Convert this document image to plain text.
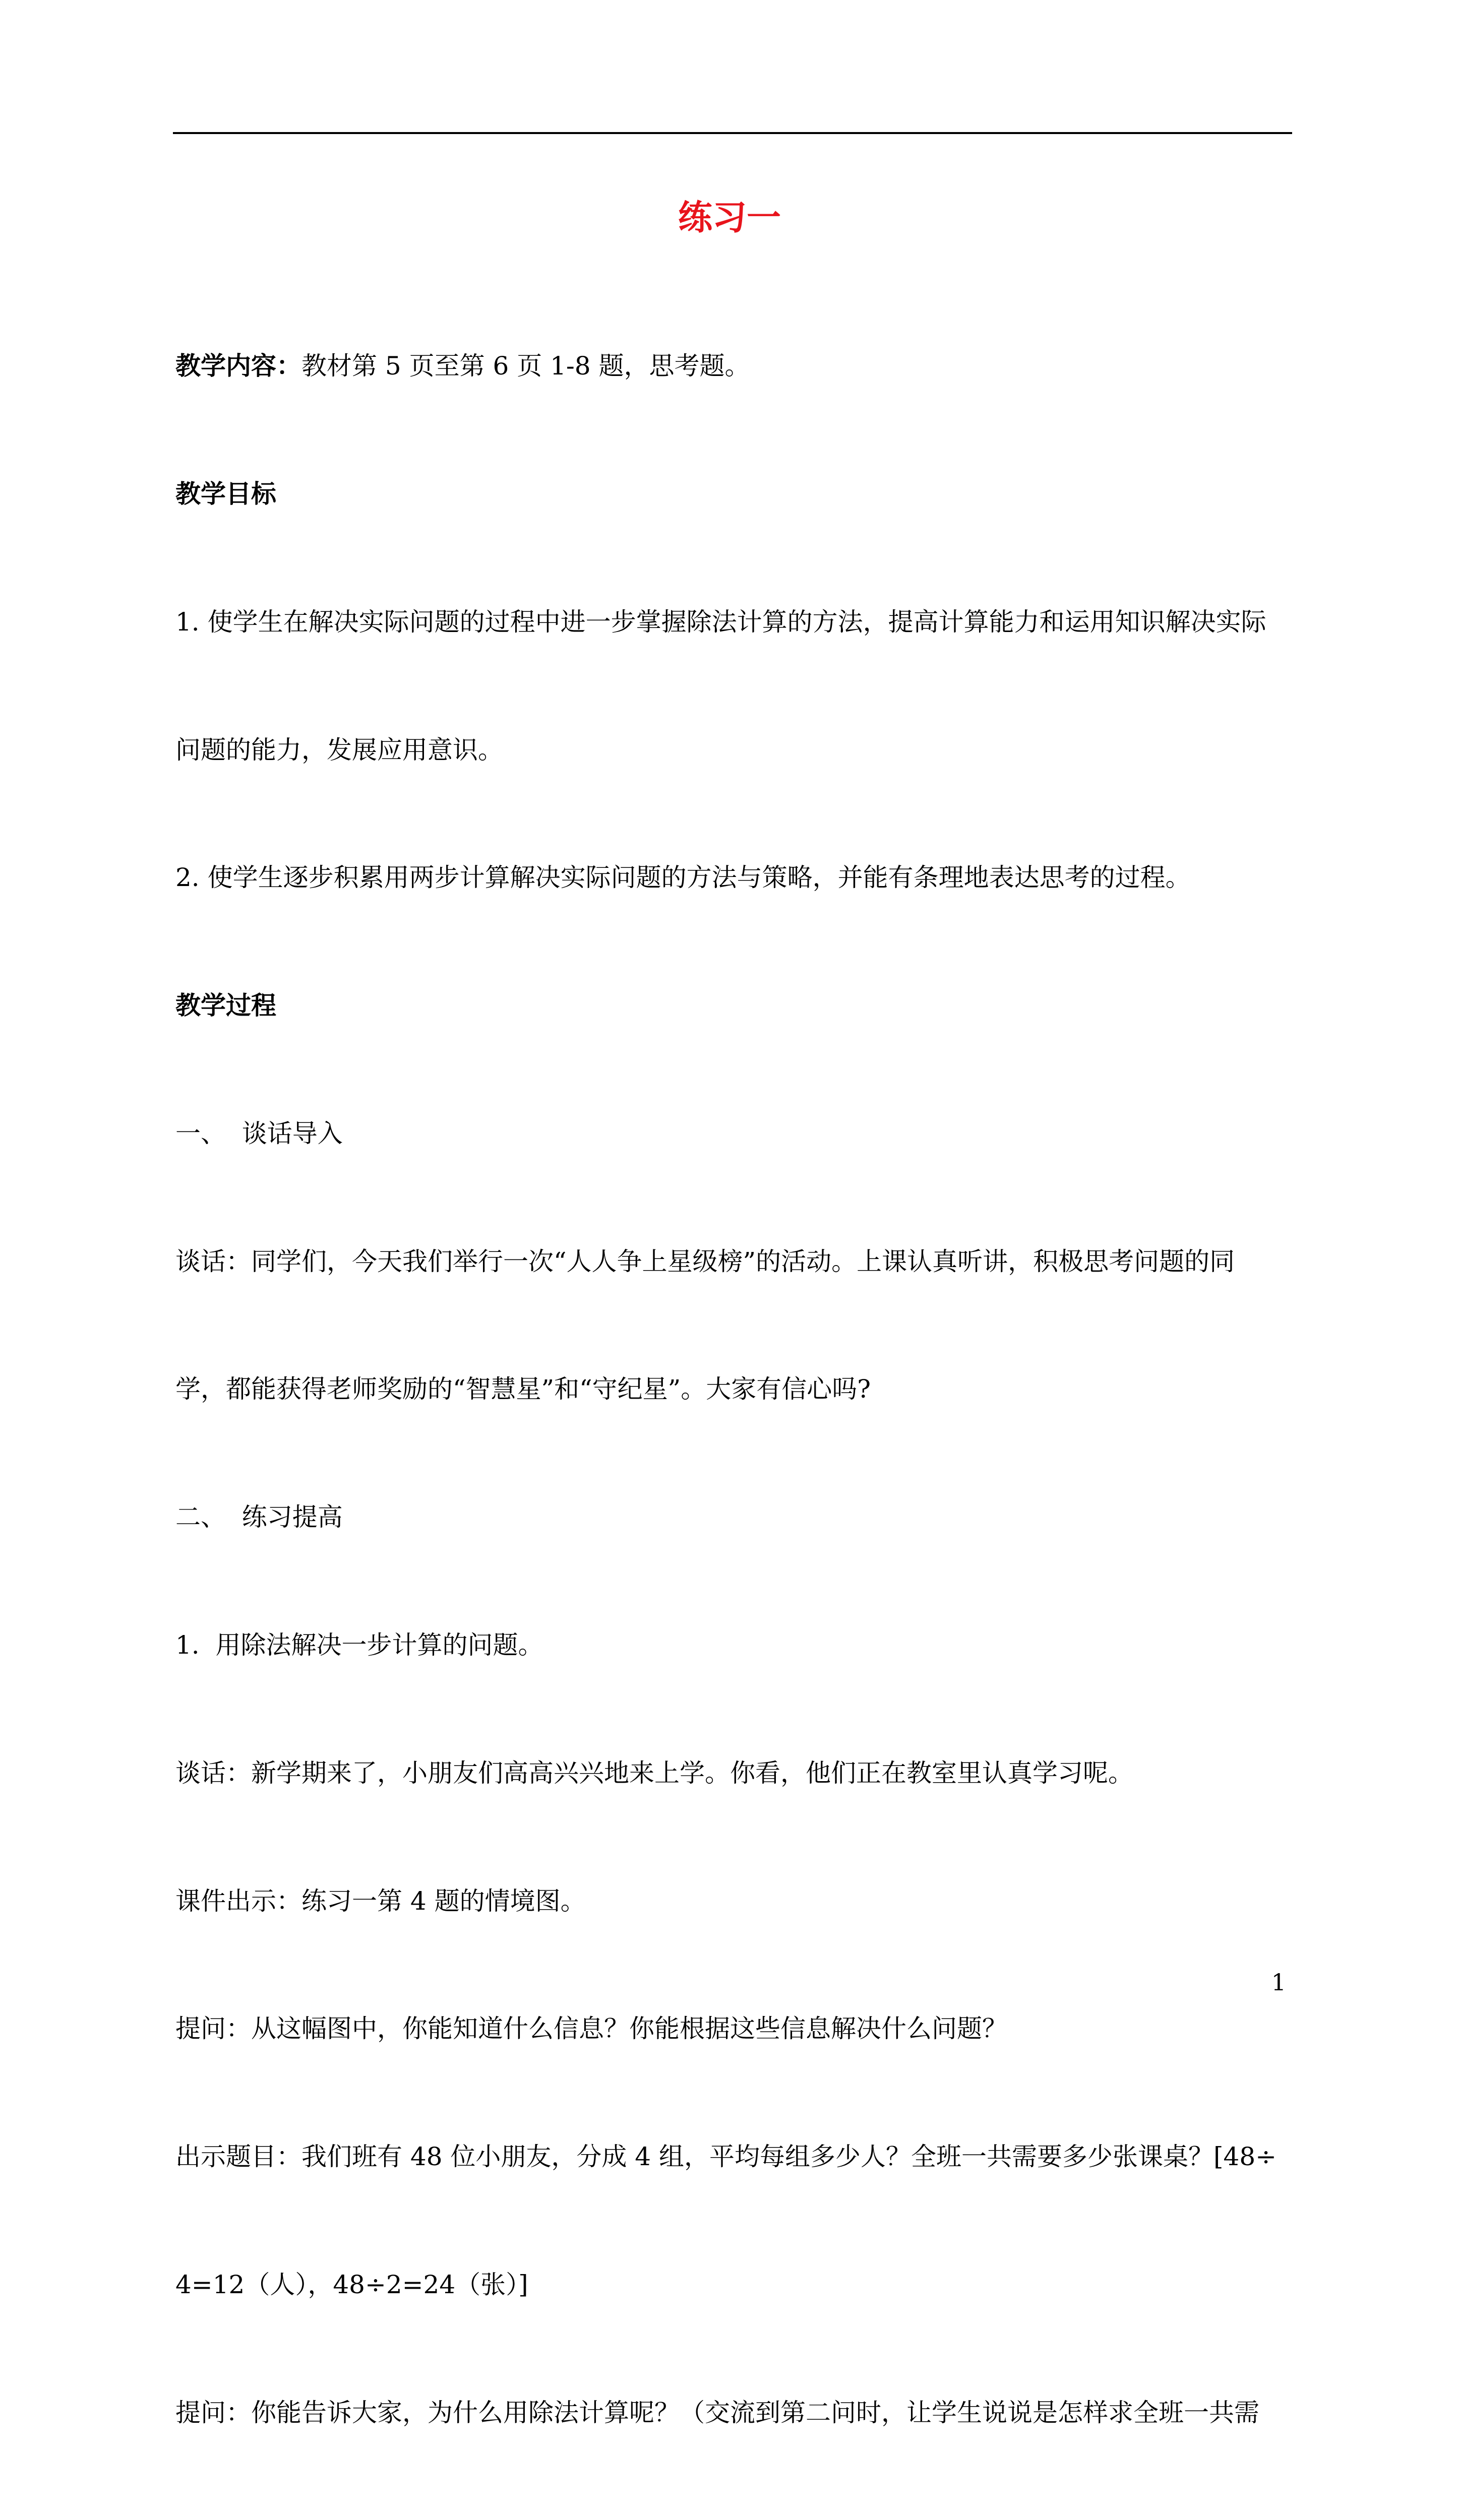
练习一

教学内容：教材第 5 页至第 6 页 1-8 题，思考题。

教学目标

1. 使学生在解决实际问题的过程中进一步掌握除法计算的方法，提高计算能力和运用知识解决实际

问题的能力，发展应用意识。

2. 使学生逐步积累用两步计算解决实际问题的方法与策略，并能有条理地表达思考的过程。

教学过程

一、  谈话导入

谈话：同学们，今天我们举行一次“人人争上星级榜”的活动。上课认真听讲，积极思考问题的同

学，都能获得老师奖励的“智慧星”和“守纪星”。大家有信心吗?

二、  练习提高

1.  用除法解决一步计算的问题。

谈话：新学期来了，小朋友们高高兴兴地来上学。你看，他们正在教室里认真学习呢。

课件出示：练习一第 4 题的情境图。

提问：从这幅图中，你能知道什么信息？你能根据这些信息解决什么问题？

出示题目：我们班有 48 位小朋友，分成 4 组，平均每组多少人？全班一共需要多少张课桌？[48÷

4=12（人），48÷2=24（张）]

提问：你能告诉大家，为什么用除法计算呢？（交流到第二问时，让学生说说是怎样求全班一共需

1
